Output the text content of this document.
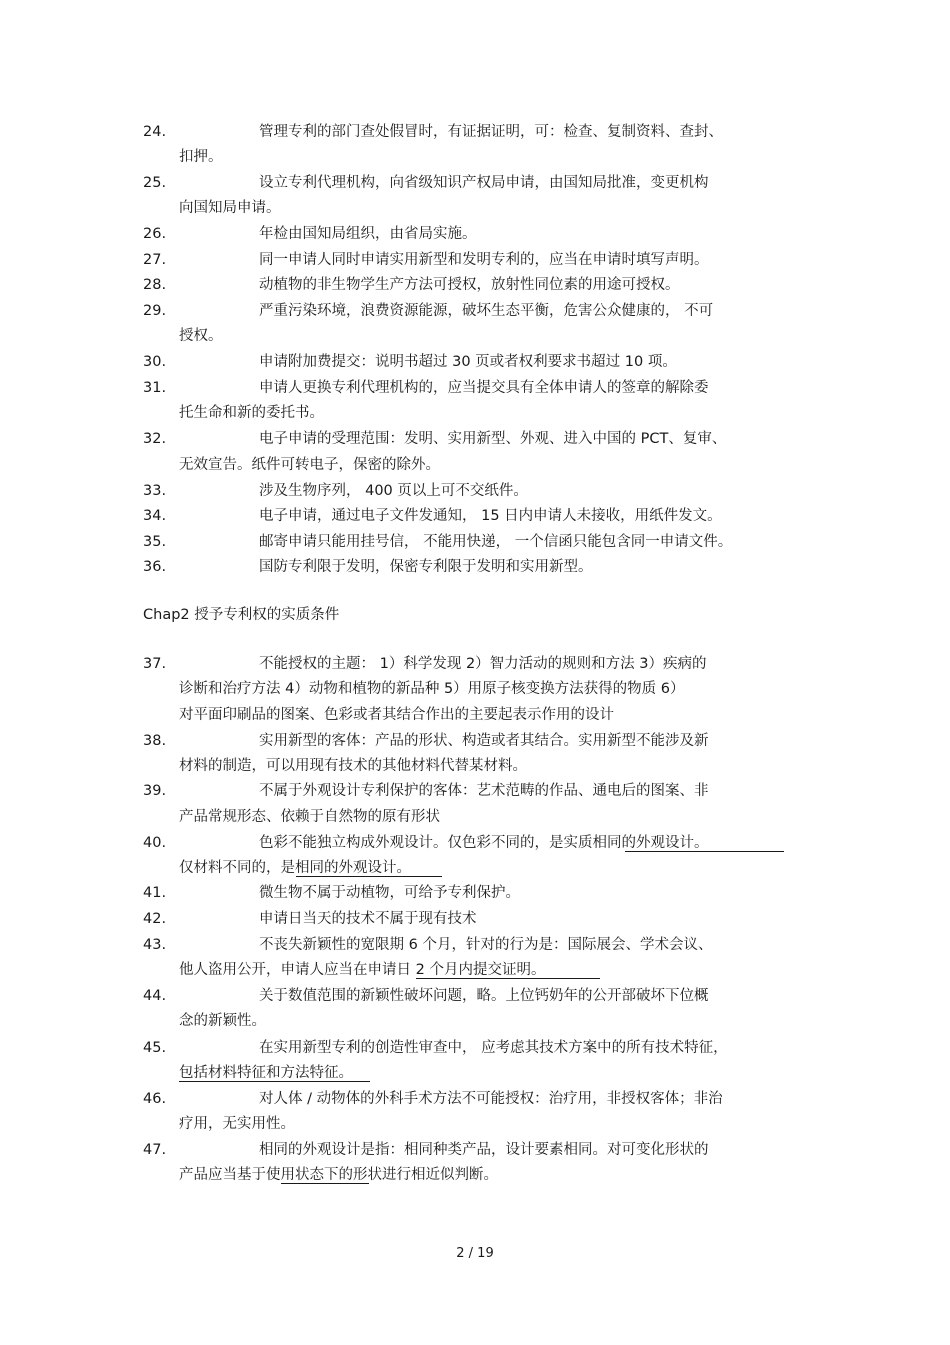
24.	管理专利的部门查处假冒时，有证据证明，可：检查、复制资料、查封、
扣押。
25.	设立专利代理机构，向省级知识产权局申请，由国知局批准，变更机构
向国知局申请。
26.	年检由国知局组织，由省局实施。
27.	同一申请人同时申请实用新型和发明专利的，应当在申请时填写声明。
28.	动植物的非生物学生产方法可授权，放射性同位素的用途可授权。
29.	严重污染环境，浪费资源能源，破坏生态平衡，危害公众健康的， 不可
授权。
30.	申请附加费提交：说明书超过 30 页或者权利要求书超过 10 项。
31.	申请人更换专利代理机构的，应当提交具有全体申请人的签章的解除委
托生命和新的委托书。
32.	电子申请的受理范围：发明、实用新型、外观、进入中国的 PCT、复审、
无效宣告。纸件可转电子，保密的除外。
33.	涉及生物序列， 400 页以上可不交纸件。
34.	电子申请，通过电子文件发通知， 15 日内申请人未接收，用纸件发文。
35.	邮寄申请只能用挂号信， 不能用快递， 一个信函只能包含同一申请文件。
36.	国防专利限于发明，保密专利限于发明和实用新型。
Chap2 授予专利权的实质条件
37.	不能授权的主题： 1）科学发现 2）智力活动的规则和方法 3）疾病的
诊断和治疗方法 4）动物和植物的新品种 5）用原子核变换方法获得的物质 6）
对平面印刷品的图案、色彩或者其结合作出的主要起表示作用的设计
38.	实用新型的客体：产品的形状、构造或者其结合。实用新型不能涉及新
材料的制造，可以用现有技术的其他材料代替某材料。
39.	不属于外观设计专利保护的客体：艺术范畴的作品、通电后的图案、非
产品常规形态、依赖于自然物的原有形状
40.	色彩不能独立构成外观设计。仅色彩不同的，是实质相同的外观设计。
仅材料不同的，是相同的外观设计。
41.	微生物不属于动植物，可给予专利保护。
42.	申请日当天的技术不属于现有技术
43.	不丧失新颖性的宽限期 6 个月，针对的行为是：国际展会、学术会议、
他人盗用公开，申请人应当在申请日 2 个月内提交证明。
44.	关于数值范围的新颖性破坏问题，略。上位钙奶年的公开部破坏下位概
念的新颖性。
45.	在实用新型专利的创造性审查中， 应考虑其技术方案中的所有技术特征，
包括材料特征和方法特征。
46.	对人体 / 动物体的外科手术方法不可能授权：治疗用，非授权客体；非治
疗用，无实用性。
47.	相同的外观设计是指：相同种类产品，设计要素相同。对可变化形状的
产品应当基于使用状态下的形状进行相近似判断。
2 / 19
